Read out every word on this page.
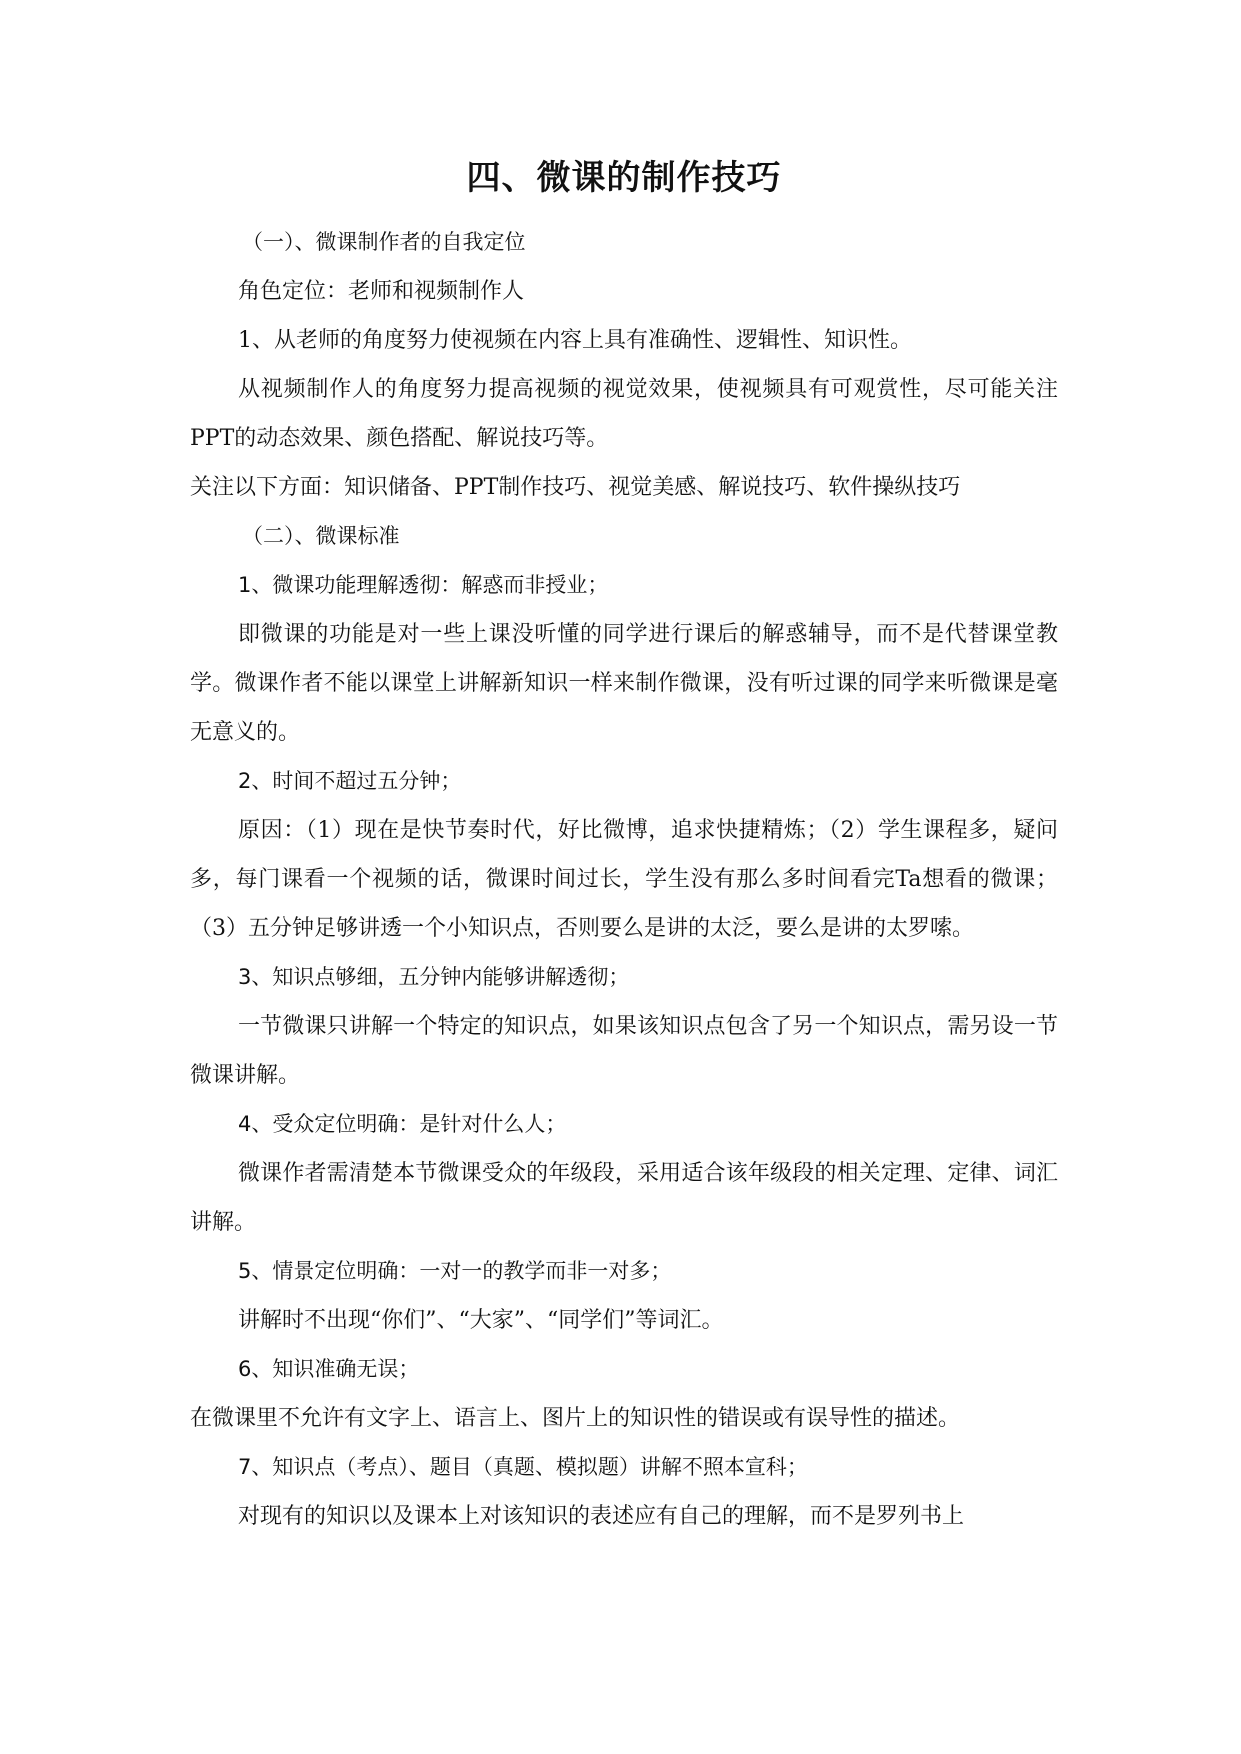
四、微课的制作技巧

（一）、微课制作者的自我定位

角色定位：老师和视频制作人

1、从老师的角度努力使视频在内容上具有准确性、逻辑性、知识性。

从视频制作人的角度努力提高视频的视觉效果，使视频具有可观赏性，尽可能关注PPT的动态效果、颜色搭配、解说技巧等。

关注以下方面：知识储备、PPT制作技巧、视觉美感、解说技巧、软件操纵技巧

（二）、微课标准

1、微课功能理解透彻：解惑而非授业；

即微课的功能是对一些上课没听懂的同学进行课后的解惑辅导，而不是代替课堂教学。微课作者不能以课堂上讲解新知识一样来制作微课，没有听过课的同学来听微课是毫无意义的。

2、时间不超过五分钟；

原因：（1）现在是快节奏时代，好比微博，追求快捷精炼；（2）学生课程多，疑问多，每门课看一个视频的话，微课时间过长，学生没有那么多时间看完Ta想看的微课；（3）五分钟足够讲透一个小知识点，否则要么是讲的太泛，要么是讲的太罗嗦。

3、知识点够细，五分钟内能够讲解透彻；

一节微课只讲解一个特定的知识点，如果该知识点包含了另一个知识点，需另设一节微课讲解。

4、受众定位明确：是针对什么人；

微课作者需清楚本节微课受众的年级段，采用适合该年级段的相关定理、定律、词汇讲解。

5、情景定位明确：一对一的教学而非一对多；

讲解时不出现“你们”、“大家”、“同学们”等词汇。

6、知识准确无误；

在微课里不允许有文字上、语言上、图片上的知识性的错误或有误导性的描述。

7、知识点（考点）、题目（真题、模拟题）讲解不照本宣科；

对现有的知识以及课本上对该知识的表述应有自己的理解，而不是罗列书上
